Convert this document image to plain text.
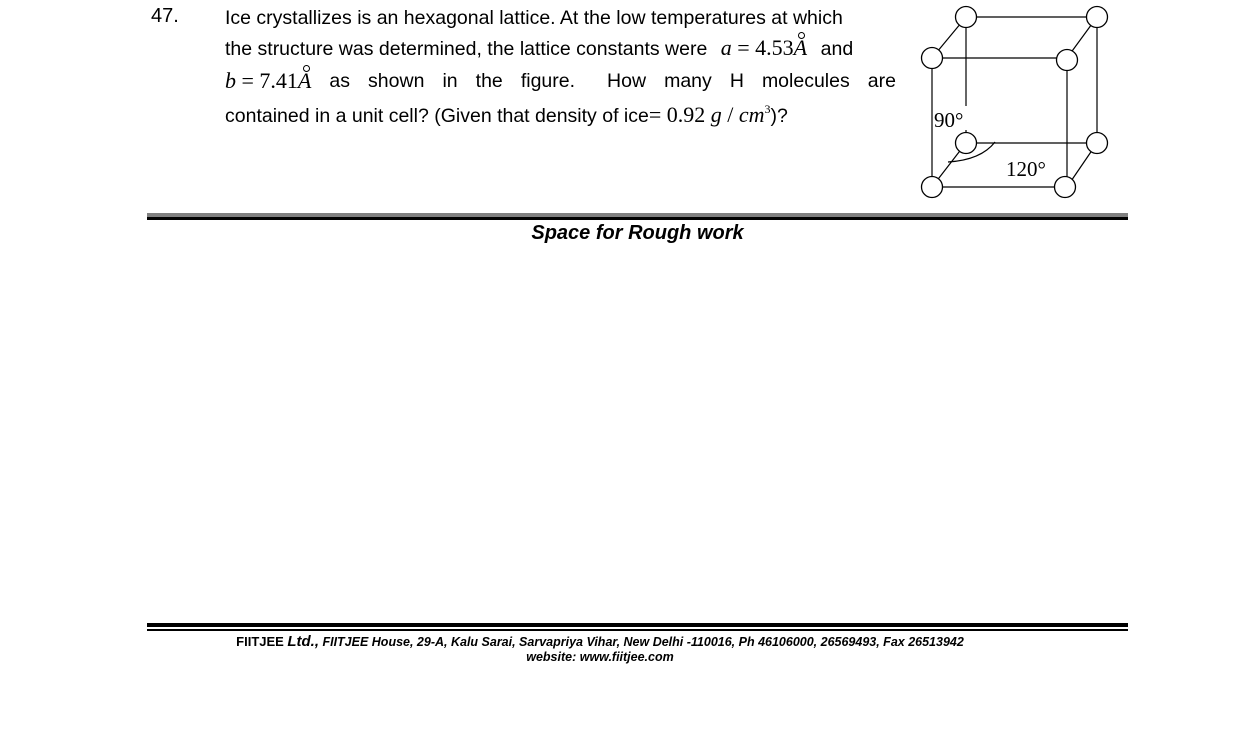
47. Ice crystallizes is an hexagonal lattice. At the low temperatures at which
the structure was determined, the lattice constants were a = 4.53A and
b = 7.41A as shown in the figure. How many H molecules are
contained in a unit cell? (Given that density of ice= 0.92 g / $cm^3$)?	90°
120°
Space for Rough work
FIITJEE Ltd., FIITJEE House, 29-A, Kalu Sarai, Sarvapriya Vihar, New Delhi -110016, Ph 46106000, 26569493, Fax 26513942
website: www.fiitjee.com
